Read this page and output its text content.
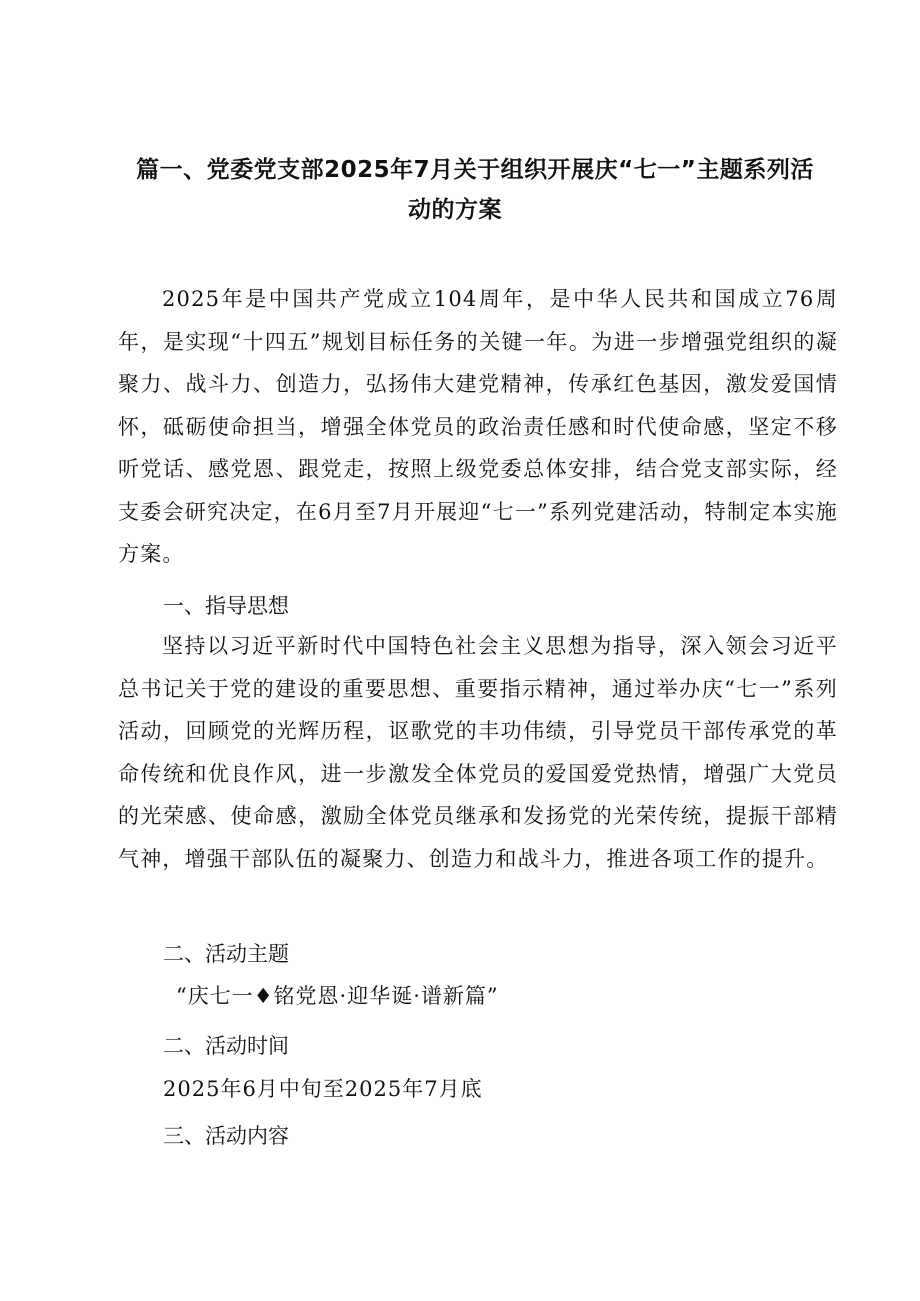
篇一、党委党支部2025年7月关于组织开展庆“七一”主题系列活
动的方案
2025年是中国共产党成立104周年，是中华人民共和国成立76周年，是实现“十四五”规划目标任务的关键一年。为进一步增强党组织的凝聚力、战斗力、创造力，弘扬伟大建党精神，传承红色基因，激发爱国情怀，砥砺使命担当，增强全体党员的政治责任感和时代使命感，坚定不移听党话、感党恩、跟党走，按照上级党委总体安排，结合党支部实际，经支委会研究决定，在6月至7月开展迎“七一”系列党建活动，特制定本实施方案。
一、指导思想
坚持以习近平新时代中国特色社会主义思想为指导，深入领会习近平总书记关于党的建设的重要思想、重要指示精神，通过举办庆“七一”系列活动，回顾党的光辉历程，讴歌党的丰功伟绩，引导党员干部传承党的革命传统和优良作风，进一步激发全体党员的爱国爱党热情，增强广大党员的光荣感、使命感，激励全体党员继承和发扬党的光荣传统，提振干部精气神，增强干部队伍的凝聚力、创造力和战斗力，推进各项工作的提升。
二、活动主题
“庆七一♦铭党恩·迎华诞·谱新篇”
二、活动时间
2025年6月中旬至2025年7月底
三、活动内容
